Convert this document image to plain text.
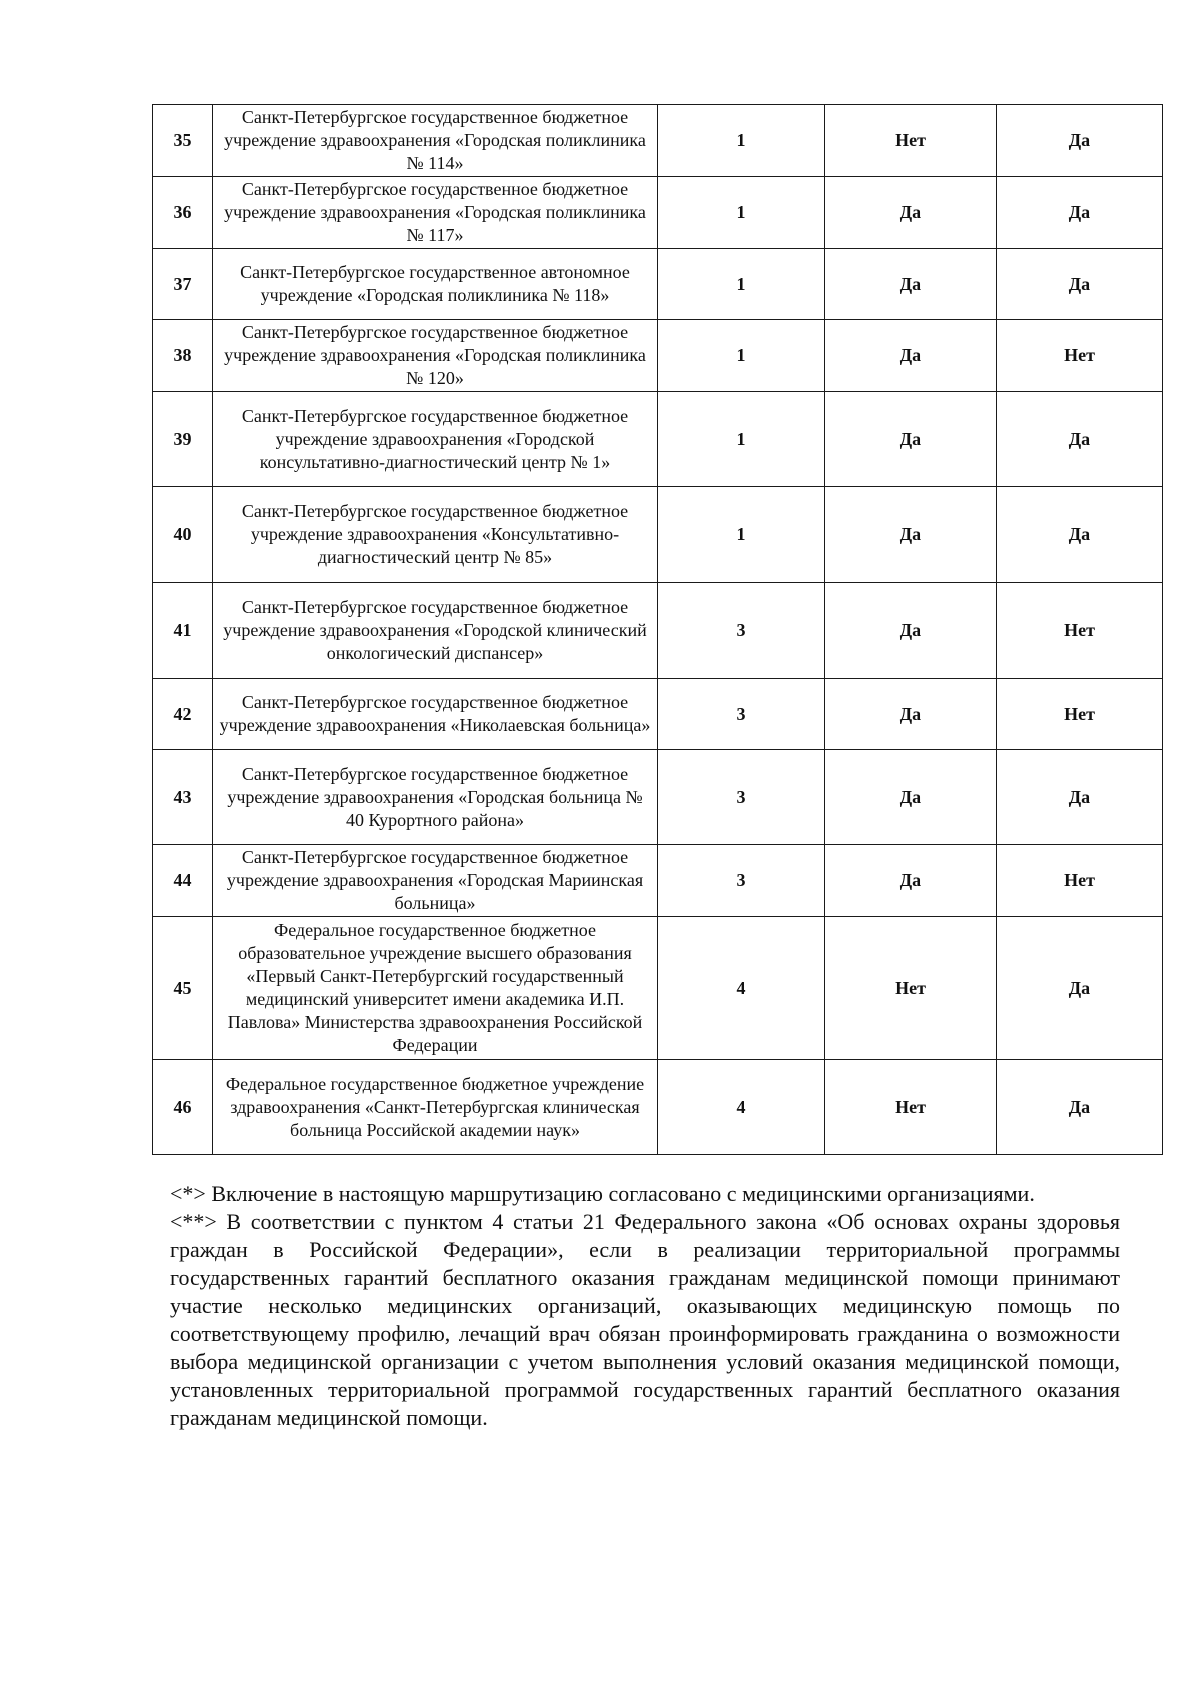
35	Санкт-Петербургское государственное бюджетное учреждение здравоохранения «Городская поликлиника № 114»	1	Нет	Да
36	Санкт-Петербургское государственное бюджетное учреждение здравоохранения «Городская поликлиника № 117»	1	Да	Да
37	Санкт-Петербургское государственное автономное учреждение «Городская поликлиника № 118»	1	Да	Да
38	Санкт-Петербургское государственное бюджетное учреждение здравоохранения «Городская поликлиника № 120»	1	Да	Нет
39	Санкт-Петербургское государственное бюджетное учреждение здравоохранения «Городской консультативно-диагностический центр № 1»	1	Да	Да
40	Санкт-Петербургское государственное бюджетное учреждение здравоохранения «Консультативно-диагностический центр № 85»	1	Да	Да
41	Санкт-Петербургское государственное бюджетное учреждение здравоохранения «Городской клинический онкологический диспансер»	3	Да	Нет
42	Санкт-Петербургское государственное бюджетное учреждение здравоохранения «Николаевская больница»	3	Да	Нет
43	Санкт-Петербургское государственное бюджетное учреждение здравоохранения «Городская больница № 40 Курортного района»	3	Да	Да
44	Санкт-Петербургское государственное бюджетное учреждение здравоохранения «Городская Мариинская больница»	3	Да	Нет
45	Федеральное государственное бюджетное образовательное учреждение высшего образования «Первый Санкт-Петербургский государственный медицинский университет имени академика И.П. Павлова» Министерства здравоохранения Российской Федерации	4	Нет	Да
46	Федеральное государственное бюджетное учреждение здравоохранения «Санкт-Петербургская клиническая больница Российской академии наук»	4	Нет	Да

<*> Включение в настоящую маршрутизацию согласовано с медицинскими организациями.

<**> В соответствии с пунктом 4 статьи 21 Федерального закона «Об основах охраны здоровья граждан в Российской Федерации», если в реализации территориальной программы государственных гарантий бесплатного оказания гражданам медицинской помощи принимают участие несколько медицинских организаций, оказывающих медицинскую помощь по соответствующему профилю, лечащий врач обязан проинформировать гражданина о возможности выбора медицинской организации с учетом выполнения условий оказания медицинской помощи, установленных территориальной программой государственных гарантий бесплатного оказания гражданам медицинской помощи.
